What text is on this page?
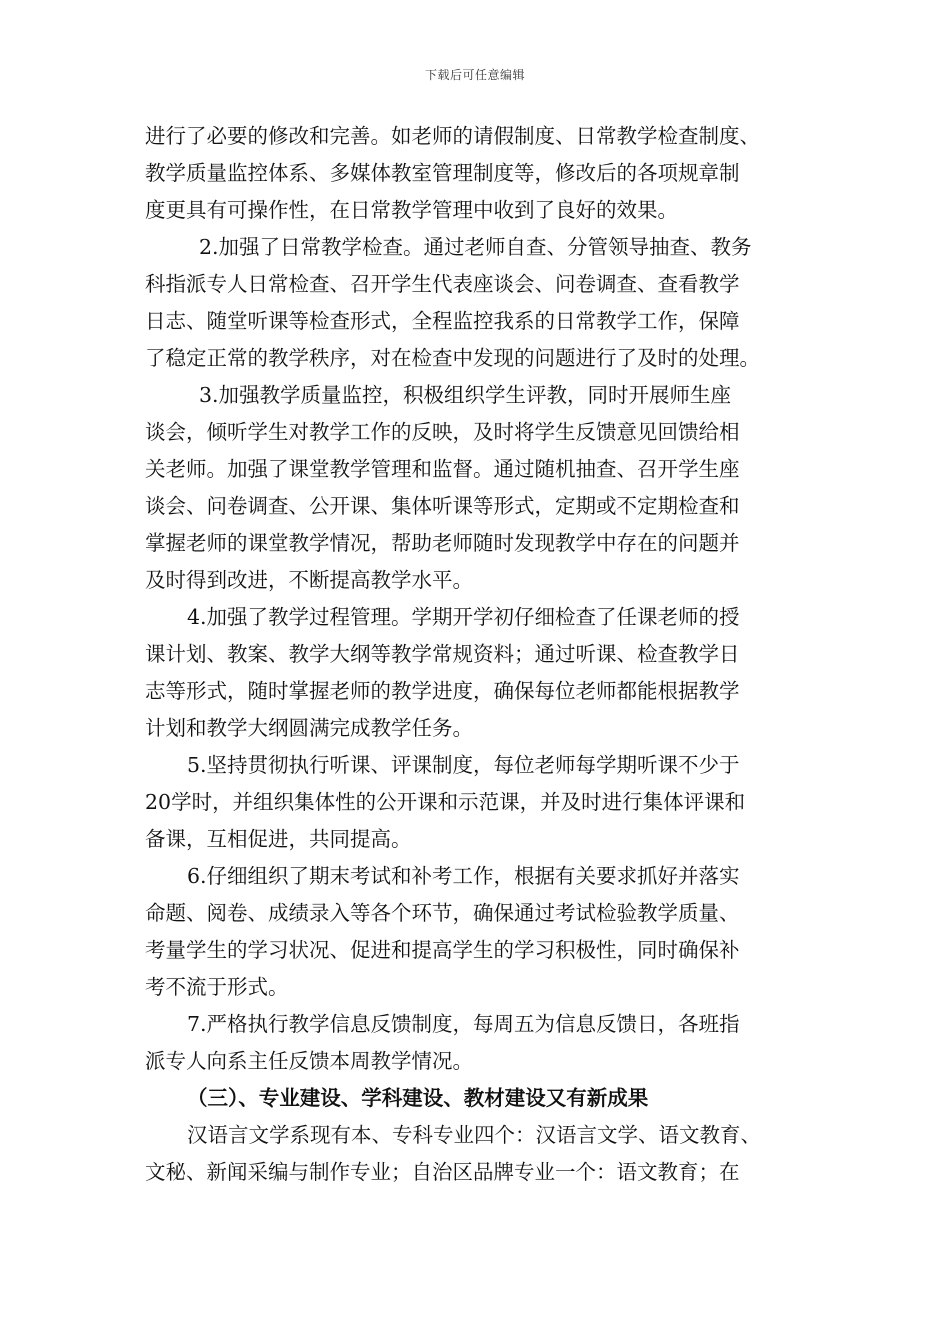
下载后可任意编辑
进行了必要的修改和完善。如老师的请假制度、日常教学检查制度、
教学质量监控体系、多媒体教室管理制度等，修改后的各项规章制
度更具有可操作性，在日常教学管理中收到了良好的效果。
2.加强了日常教学检查。通过老师自查、分管领导抽查、教务
科指派专人日常检查、召开学生代表座谈会、问卷调查、查看教学
日志、随堂听课等检查形式，全程监控我系的日常教学工作，保障
了稳定正常的教学秩序，对在检查中发现的问题进行了及时的处理。
3.加强教学质量监控，积极组织学生评教，同时开展师生座
谈会，倾听学生对教学工作的反映，及时将学生反馈意见回馈给相
关老师。加强了课堂教学管理和监督。通过随机抽查、召开学生座
谈会、问卷调查、公开课、集体听课等形式，定期或不定期检查和
掌握老师的课堂教学情况，帮助老师随时发现教学中存在的问题并
及时得到改进，不断提高教学水平。
4.加强了教学过程管理。学期开学初仔细检查了任课老师的授
课计划、教案、教学大纲等教学常规资料；通过听课、检查教学日
志等形式，随时掌握老师的教学进度，确保每位老师都能根据教学
计划和教学大纲圆满完成教学任务。
5.坚持贯彻执行听课、评课制度，每位老师每学期听课不少于
20学时，并组织集体性的公开课和示范课，并及时进行集体评课和
备课，互相促进，共同提高。
6.仔细组织了期末考试和补考工作，根据有关要求抓好并落实
命题、阅卷、成绩录入等各个环节，确保通过考试检验教学质量、
考量学生的学习状况、促进和提高学生的学习积极性，同时确保补
考不流于形式。
7.严格执行教学信息反馈制度，每周五为信息反馈日，各班指
派专人向系主任反馈本周教学情况。
（三）、专业建设、学科建设、教材建设又有新成果
汉语言文学系现有本、专科专业四个：汉语言文学、语文教育、
文秘、新闻采编与制作专业；自治区品牌专业一个：语文教育；在
